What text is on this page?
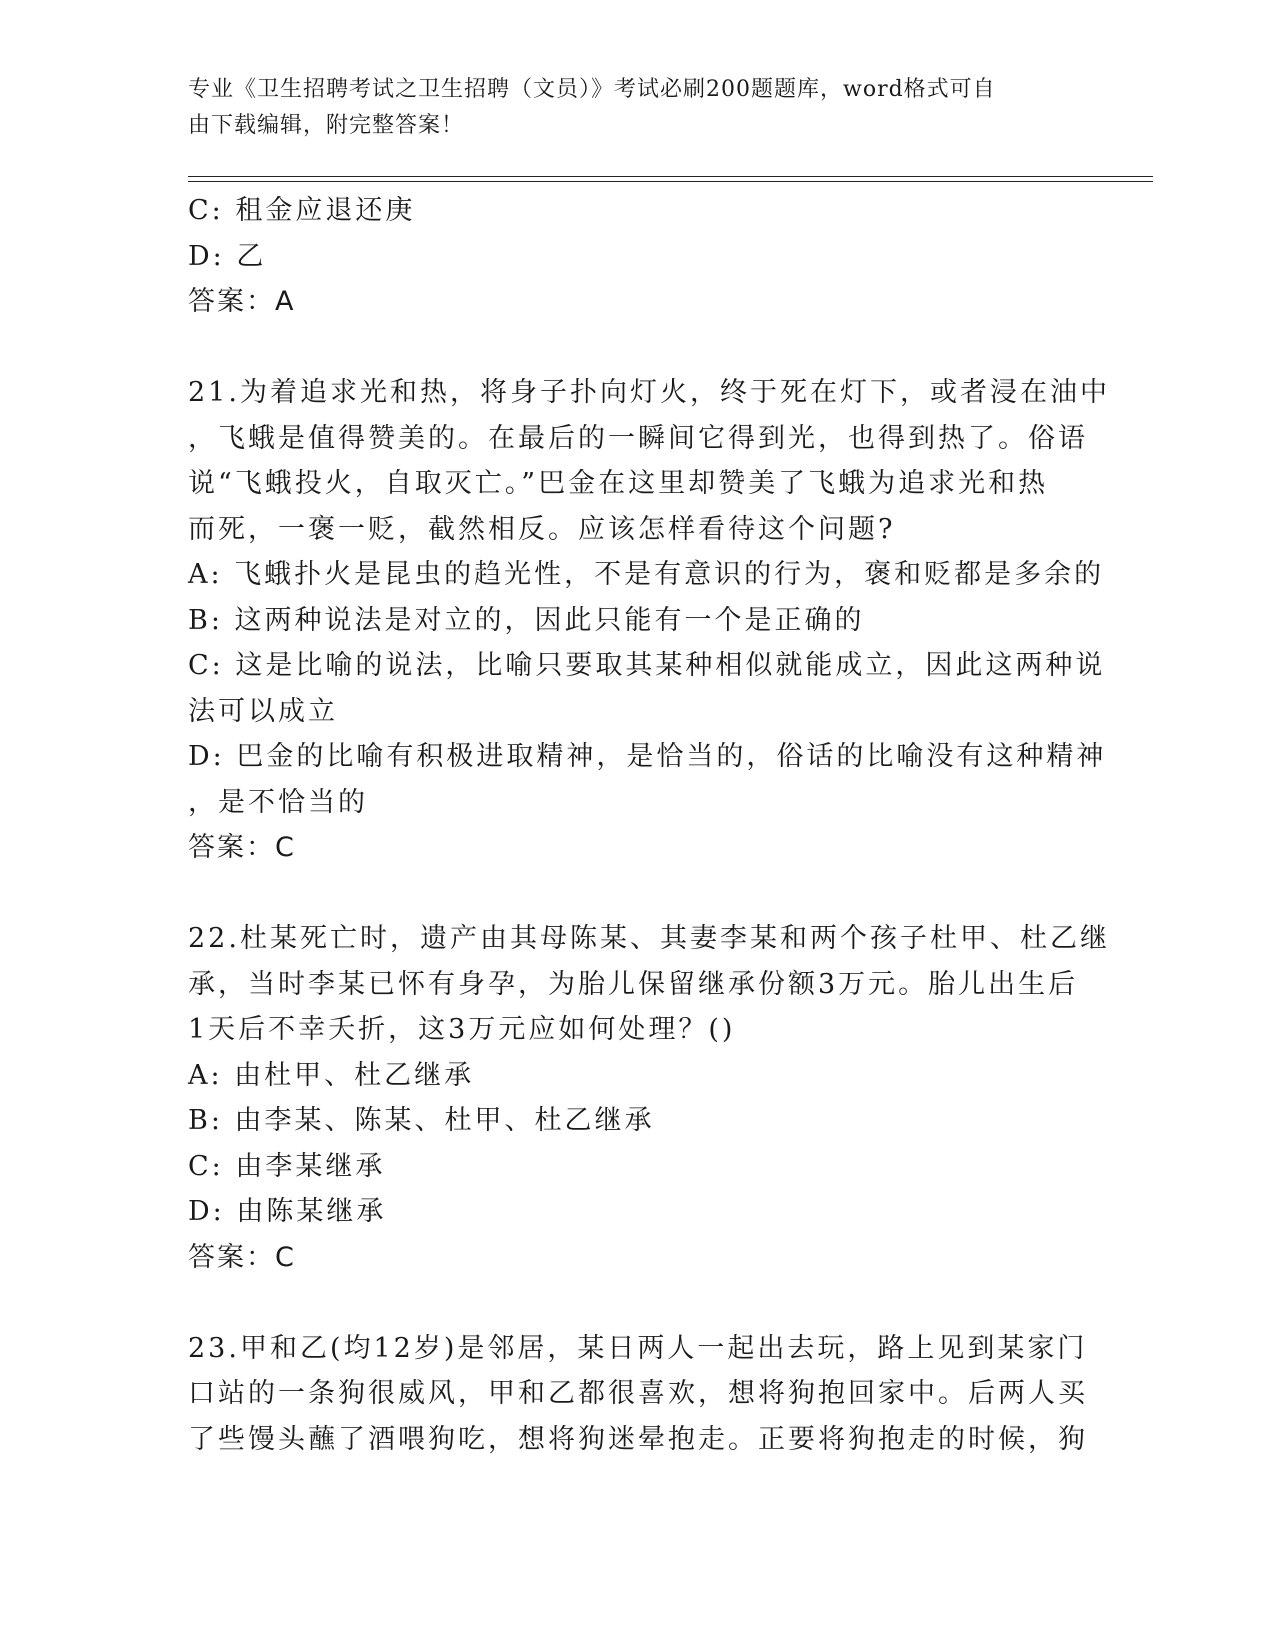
专业《卫生招聘考试之卫生招聘（文员）》考试必刷200题题库，word格式可自
由下载编辑，附完整答案！
C: 租金应退还庚
D: 乙
答案：A
21.为着追求光和热，将身子扑向灯火，终于死在灯下，或者浸在油中
，飞蛾是值得赞美的。在最后的一瞬间它得到光，也得到热了。俗语
说“飞蛾投火，自取灭亡。”巴金在这里却赞美了飞蛾为追求光和热
而死，一褒一贬，截然相反。应该怎样看待这个问题?
A: 飞蛾扑火是昆虫的趋光性，不是有意识的行为，褒和贬都是多余的
B: 这两种说法是对立的，因此只能有一个是正确的
C: 这是比喻的说法，比喻只要取其某种相似就能成立，因此这两种说
法可以成立
D: 巴金的比喻有积极进取精神，是恰当的，俗话的比喻没有这种精神
，是不恰当的
答案：C
22.杜某死亡时，遗产由其母陈某、其妻李某和两个孩子杜甲、杜乙继
承，当时李某已怀有身孕，为胎儿保留继承份额3万元。胎儿出生后
1天后不幸夭折，这3万元应如何处理？()
A: 由杜甲、杜乙继承
B: 由李某、陈某、杜甲、杜乙继承
C: 由李某继承
D: 由陈某继承
答案：C
23.甲和乙(均12岁)是邻居，某日两人一起出去玩，路上见到某家门
口站的一条狗很威风，甲和乙都很喜欢，想将狗抱回家中。后两人买
了些馒头蘸了酒喂狗吃，想将狗迷晕抱走。正要将狗抱走的时候，狗
